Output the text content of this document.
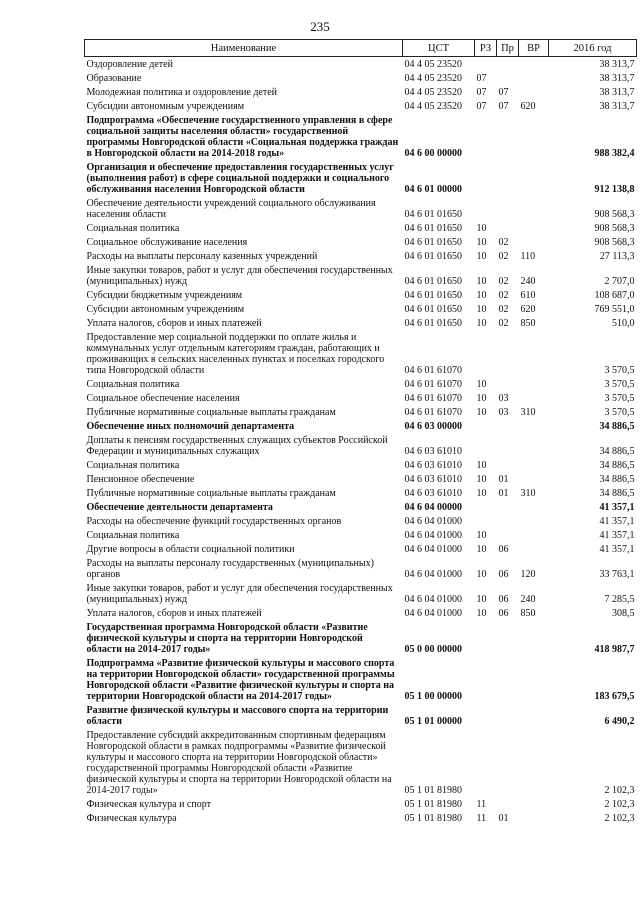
235
Наименование	ЦСТ	РЗ	Пр	ВР	2016 год
Оздоровление детей	04 4 05 23520				38 313,7
Образование	04 4 05 23520	07			38 313,7
Молодежная политика и оздоровление детей	04 4 05 23520	07	07		38 313,7
Субсидии автономным учреждениям	04 4 05 23520	07	07	620	38 313,7
Подпрограмма «Обеспечение государственного управления в сфере социальной защиты населения области» государственной программы Новгородской области «Социальная поддержка граждан в Новгородской области на 2014-2018 годы»	04 6 00 00000				988 382,4
Организация и обеспечение предоставления государственных услуг (выполнения работ) в сфере социальной поддержки и социального обслуживания населения Новгородской области	04 6 01 00000				912 138,8
Обеспечение деятельности учреждений социального обслуживания населения области	04 6 01 01650				908 568,3
Социальная политика	04 6 01 01650	10			908 568,3
Социальное обслуживание населения	04 6 01 01650	10	02		908 568,3
Расходы на выплаты персоналу казенных учреждений	04 6 01 01650	10	02	110	27 113,3
Иные закупки товаров, работ и услуг для обеспечения государственных (муниципальных) нужд	04 6 01 01650	10	02	240	2 707,0
Субсидии бюджетным учреждениям	04 6 01 01650	10	02	610	108 687,0
Субсидии автономным учреждениям	04 6 01 01650	10	02	620	769 551,0
Уплата налогов, сборов и иных платежей	04 6 01 01650	10	02	850	510,0
Предоставление мер социальной поддержки по оплате жилья и коммунальных услуг отдельным категориям граждан, работающих и проживающих в сельских населенных пунктах и поселках городского типа Новгородской области	04 6 01 61070				3 570,5
Социальная политика	04 6 01 61070	10			3 570,5
Социальное обеспечение населения	04 6 01 61070	10	03		3 570,5
Публичные нормативные социальные выплаты гражданам	04 6 01 61070	10	03	310	3 570,5
Обеспечение иных полномочий департамента	04 6 03 00000				34 886,5
Доплаты к пенсиям государственных служащих субъектов Российской Федерации и муниципальных служащих	04 6 03 61010				34 886,5
Социальная политика	04 6 03 61010	10			34 886,5
Пенсионное обеспечение	04 6 03 61010	10	01		34 886,5
Публичные нормативные социальные выплаты гражданам	04 6 03 61010	10	01	310	34 886,5
Обеспечение деятельности департамента	04 6 04 00000				41 357,1
Расходы на обеспечение функций государственных органов	04 6 04 01000				41 357,1
Социальная политика	04 6 04 01000	10			41 357,1
Другие вопросы в области социальной политики	04 6 04 01000	10	06		41 357,1
Расходы на выплаты персоналу государственных (муниципальных) органов	04 6 04 01000	10	06	120	33 763,1
Иные закупки товаров, работ и услуг для обеспечения государственных (муниципальных) нужд	04 6 04 01000	10	06	240	7 285,5
Уплата налогов, сборов и иных платежей	04 6 04 01000	10	06	850	308,5
Государственная программа Новгородской области «Развитие физической культуры и спорта на территории Новгородской области на 2014-2017 годы»	05 0 00 00000				418 987,7
Подпрограмма «Развитие физической культуры и массового спорта на территории Новгородской области» государственной программы Новгородской области «Развитие физической культуры и спорта на территории Новгородской области на 2014-2017 годы»	05 1 00 00000				183 679,5
Развитие физической культуры и массового спорта на территории области	05 1 01 00000				6 490,2
Предоставление субсидий аккредитованным спортивным федерациям Новгородской области в рамках подпрограммы «Развитие физической культуры и массового спорта на территории Новгородской области» государственной программы Новгородской области «Развитие физической культуры и спорта на территории Новгородской области на 2014-2017 годы»	05 1 01 81980				2 102,3
Физическая культура и спорт	05 1 01 81980	11			2 102,3
Физическая культура	05 1 01 81980	11	01		2 102,3
